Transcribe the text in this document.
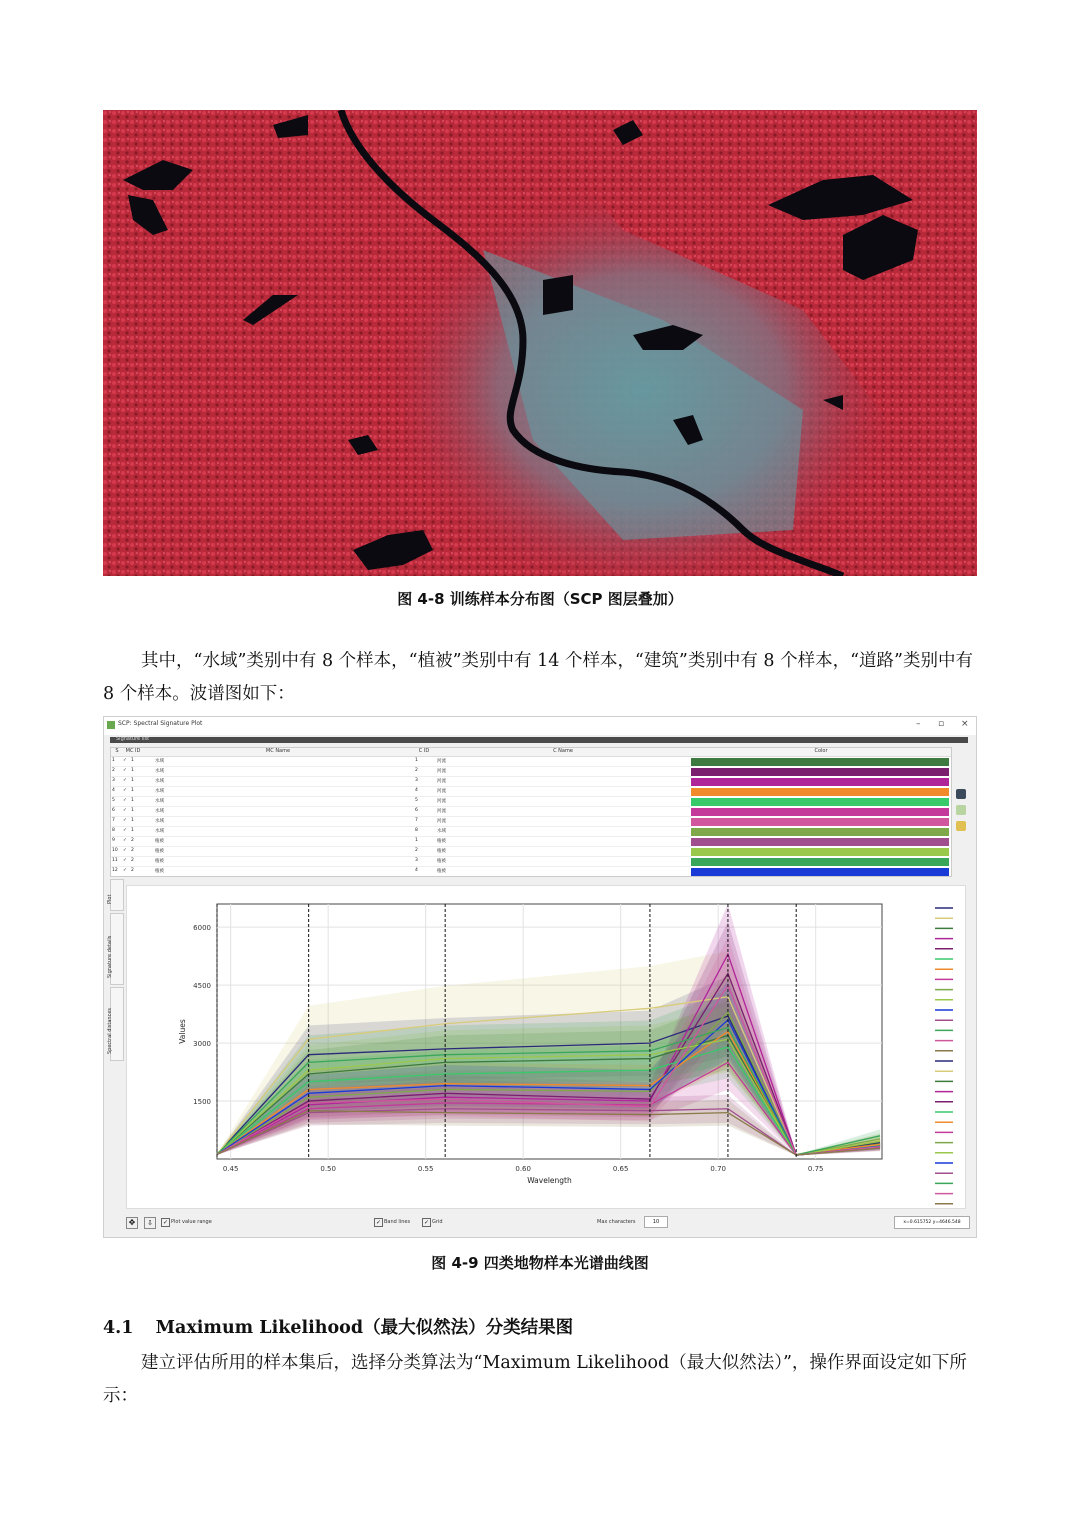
图 4-8 训练样本分布图（SCP 图层叠加）
其中，“水域”类别中有 8 个样本，“植被”类别中有 14 个样本，“建筑”类别中有 8 个样本，“道路”类别中有 8 个样本。波谱图如下：
SCP: Spectral Signature Plot	– ▫ ×
Signature list
S	MC ID	MC Name	C ID	C Name	Color
1 ✓ 1	水域	1	河流
2 ✓ 1	水域	2	河流
3 ✓ 1	水域	3	河流
4 ✓ 1	水域	4	河流
5 ✓ 1	水域	5	河流
6 ✓ 1	水域	6	河流
7 ✓ 1	水域	7	河流
8 ✓ 1	水域	8	水域
9 ✓ 2	植被	1	植被
10 ✓ 2	植被	2	植被
11 ✓ 2	植被	3	植被
12 ✓ 2	植被	4	植被
Plot
Signature details
Spectral distances
1500
3000
4500
6000
0.45	0.50	0.55	0.60	0.65	0.70	0.75
Wavelength
Values
✥	⇩	✓ Plot value range	✓ Band lines	✓ Grid	Max characters	10	x=0.615752 y=4646.548
图 4-9 四类地物样本光谱曲线图
4.1 Maximum Likelihood（最大似然法）分类结果图
建立评估所用的样本集后，选择分类算法为“Maximum Likelihood（最大似然法）”，操作界面设定如下所示：
